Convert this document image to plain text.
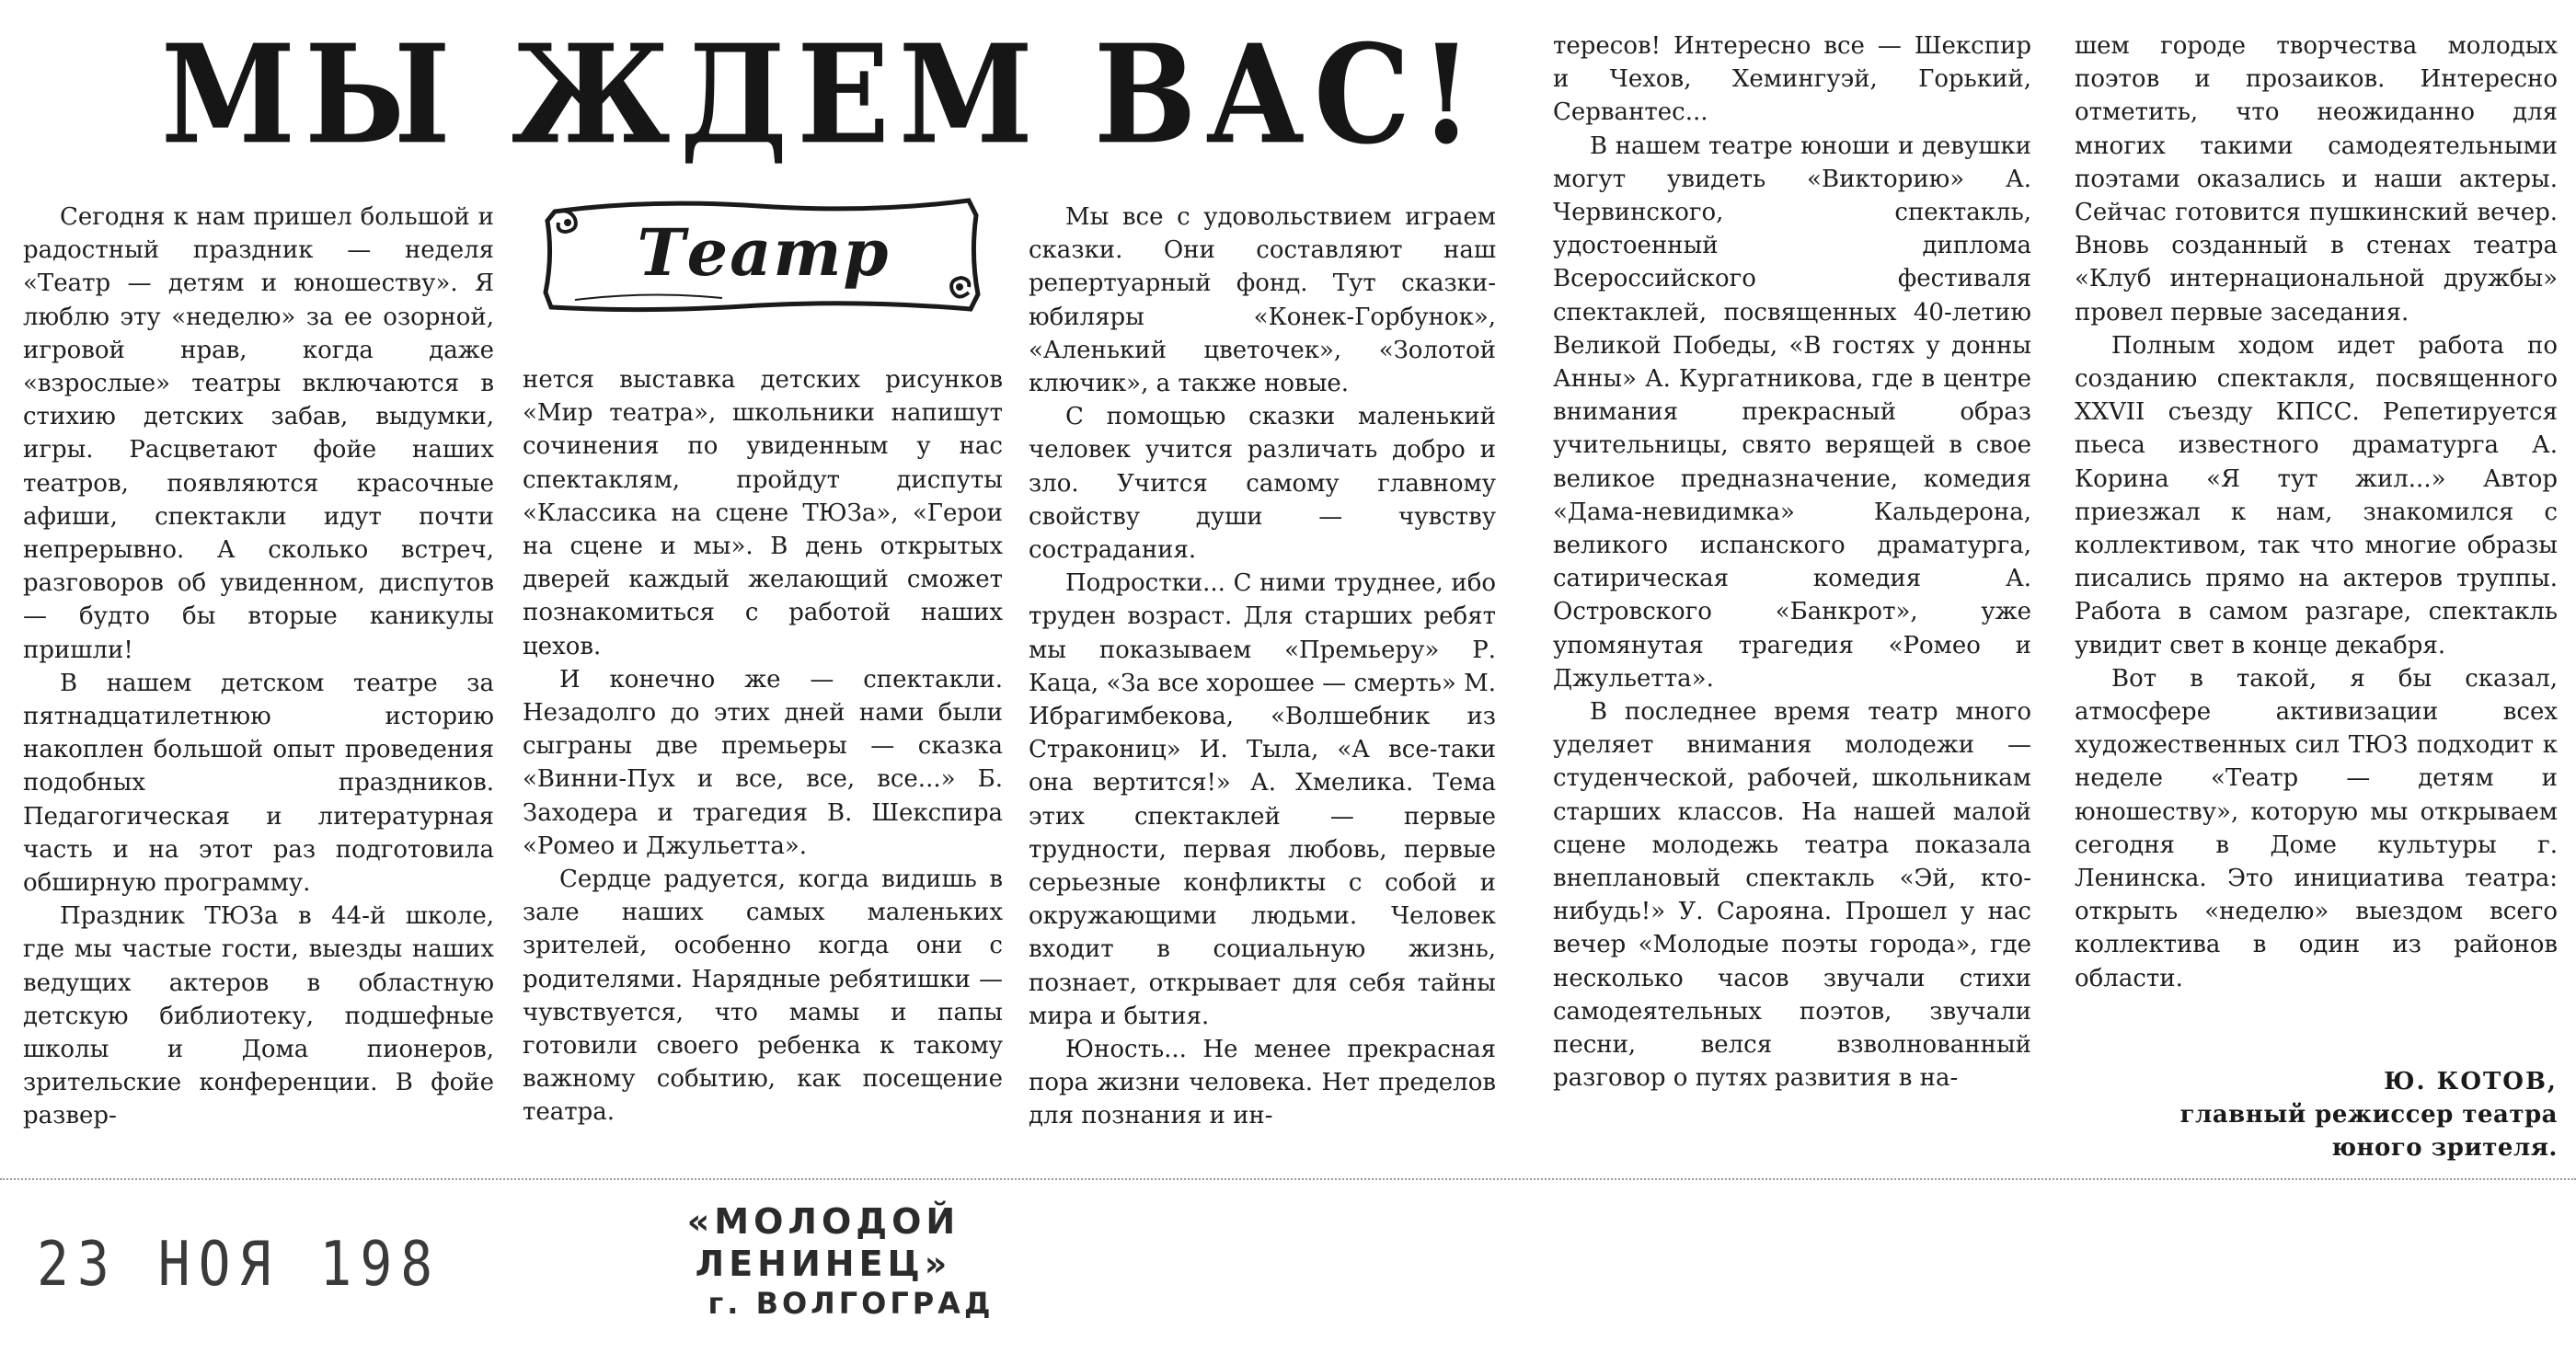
МЫ ЖДЕМ ВАС!
Театр

Сегодня к нам пришел большой и радостный праздник — неделя «Театр — детям и юношеству». Я люблю эту «неделю» за ее озорной, игровой нрав, когда даже «взрослые» театры включаются в стихию детских забав, выдумки, игры. Расцветают фойе наших театров, появляются красочные афиши, спектакли идут почти непрерывно. А сколько встреч, разговоров об увиденном, диспутов — будто бы вторые каникулы пришли!

В нашем детском театре за пятнадцатилетнюю историю накоплен большой опыт проведения подобных праздников. Педагогическая и литературная часть и на этот раз подготовила обширную программу.

Праздник ТЮЗа в 44-й школе, где мы частые гости, выезды наших ведущих актеров в областную детскую библиотеку, подшефные школы и Дома пионеров, зрительские конференции. В фойе развер-

нется выставка детских рисунков «Мир театра», школьники напишут сочинения по увиденным у нас спектаклям, пройдут диспуты «Классика на сцене ТЮЗа», «Герои на сцене и мы». В день открытых дверей каждый желающий сможет познакомиться с работой наших цехов.

И конечно же — спектакли. Незадолго до этих дней нами были сыграны две премьеры — сказка «Винни-Пух и все, все, все...» Б. Заходера и трагедия В. Шекспира «Ромео и Джульетта».

Сердце радуется, когда видишь в зале наших самых маленьких зрителей, особенно когда они с родителями. Нарядные ребятишки — чувствуется, что мамы и папы готовили своего ребенка к такому важному событию, как посещение театра.

Мы все с удовольствием играем сказки. Они составляют наш репертуарный фонд. Тут сказки-юбиляры «Конек-Горбунок», «Аленький цветочек», «Золотой ключик», а также новые.

С помощью сказки маленький человек учится различать добро и зло. Учится самому главному свойству души — чувству сострадания.

Подростки... С ними труднее, ибо труден возраст. Для старших ребят мы показываем «Премьеру» Р. Каца, «За все хорошее — смерть» М. Ибрагимбекова, «Волшебник из Стракониц» И. Тыла, «А все-таки она вертится!» А. Хмелика. Тема этих спектаклей — первые трудности, первая любовь, первые серьезные конфликты с собой и окружающими людьми. Человек входит в социальную жизнь, познает, открывает для себя тайны мира и бытия.

Юность... Не менее прекрасная пора жизни человека. Нет пределов для познания и ин-

тересов! Интересно все — Шекспир и Чехов, Хемингуэй, Горький, Сервантес...

В нашем театре юноши и девушки могут увидеть «Викторию» А. Червинского, спектакль, удостоенный диплома Всероссийского фестиваля спектаклей, посвященных 40-летию Великой Победы, «В гостях у донны Анны» А. Кургатникова, где в центре внимания прекрасный образ учительницы, свято верящей в свое великое предназначение, комедия «Дама-невидимка» Кальдерона, великого испанского драматурга, сатирическая комедия А. Островского «Банкрот», уже упомянутая трагедия «Ромео и Джульетта».

В последнее время театр много уделяет внимания молодежи — студенческой, рабочей, школьникам старших классов. На нашей малой сцене молодежь театра показала внеплановый спектакль «Эй, кто-нибудь!» У. Сарояна. Прошел у нас вечер «Молодые поэты города», где несколько часов звучали стихи самодеятельных поэтов, звучали песни, велся взволнованный разговор о путях развития в на-

шем городе творчества молодых поэтов и прозаиков. Интересно отметить, что неожиданно для многих такими самодеятельными поэтами оказались и наши актеры. Сейчас готовится пушкинский вечер. Вновь созданный в стенах театра «Клуб интернациональной дружбы» провел первые заседания.

Полным ходом идет работа по созданию спектакля, посвященного XXVII съезду КПСС. Репетируется пьеса известного драматурга А. Корина «Я тут жил...» Автор приезжал к нам, знакомился с коллективом, так что многие образы писались прямо на актеров труппы. Работа в самом разгаре, спектакль увидит свет в конце декабря.

Вот в такой, я бы сказал, атмосфере активизации всех художественных сил ТЮЗ подходит к неделе «Театр — детям и юношеству», которую мы открываем сегодня в Доме культуры г. Ленинска. Это инициатива театра: открыть «неделю» выездом всего коллектива в один из районов области.

Ю. КОТОВ,
главный режиссер театра
юного зрителя.
23 НОЯ 198
«МОЛОДОЙ ЛЕНИНЕЦ»
г. ВОЛГОГРАД
